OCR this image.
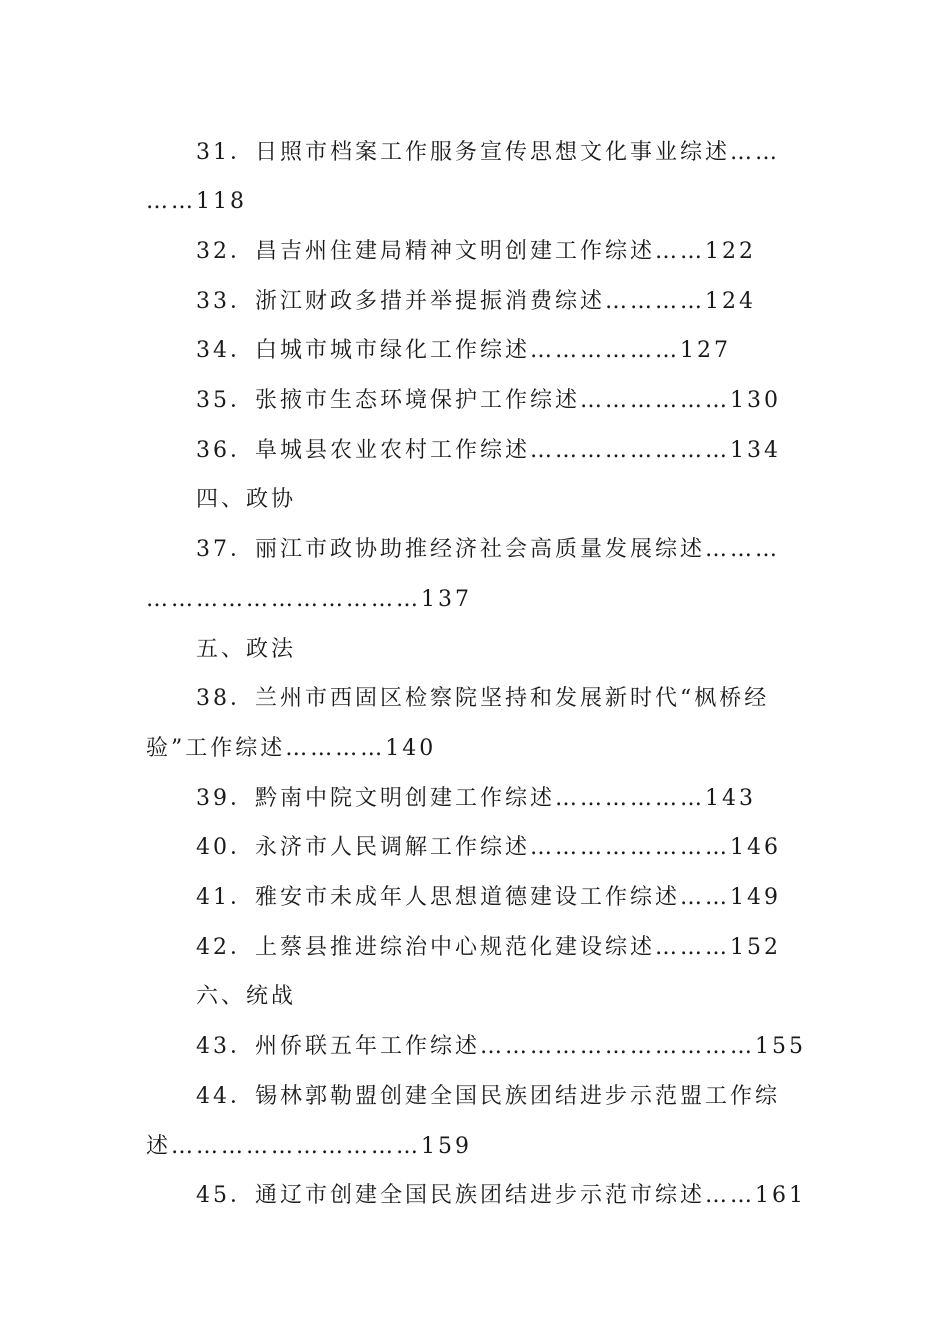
31．日照市档案工作服务宣传思想文化事业综述……
……118
32．昌吉州住建局精神文明创建工作综述……122
33．浙江财政多措并举提振消费综述…………124
34．白城市城市绿化工作综述………………127
35．张掖市生态环境保护工作综述………………130
36．阜城县农业农村工作综述……………………134
四、政协
37．丽江市政协助推经济社会高质量发展综述………
……………………………137
五、政法
38．兰州市西固区检察院坚持和发展新时代“枫桥经
验”工作综述…………140
39．黔南中院文明创建工作综述………………143
40．永济市人民调解工作综述……………………146
41．雅安市未成年人思想道德建设工作综述……149
42．上蔡县推进综治中心规范化建设综述………152
六、统战
43．州侨联五年工作综述……………………………155
44．锡林郭勒盟创建全国民族团结进步示范盟工作综
述…………………………159
45．通辽市创建全国民族团结进步示范市综述……161
